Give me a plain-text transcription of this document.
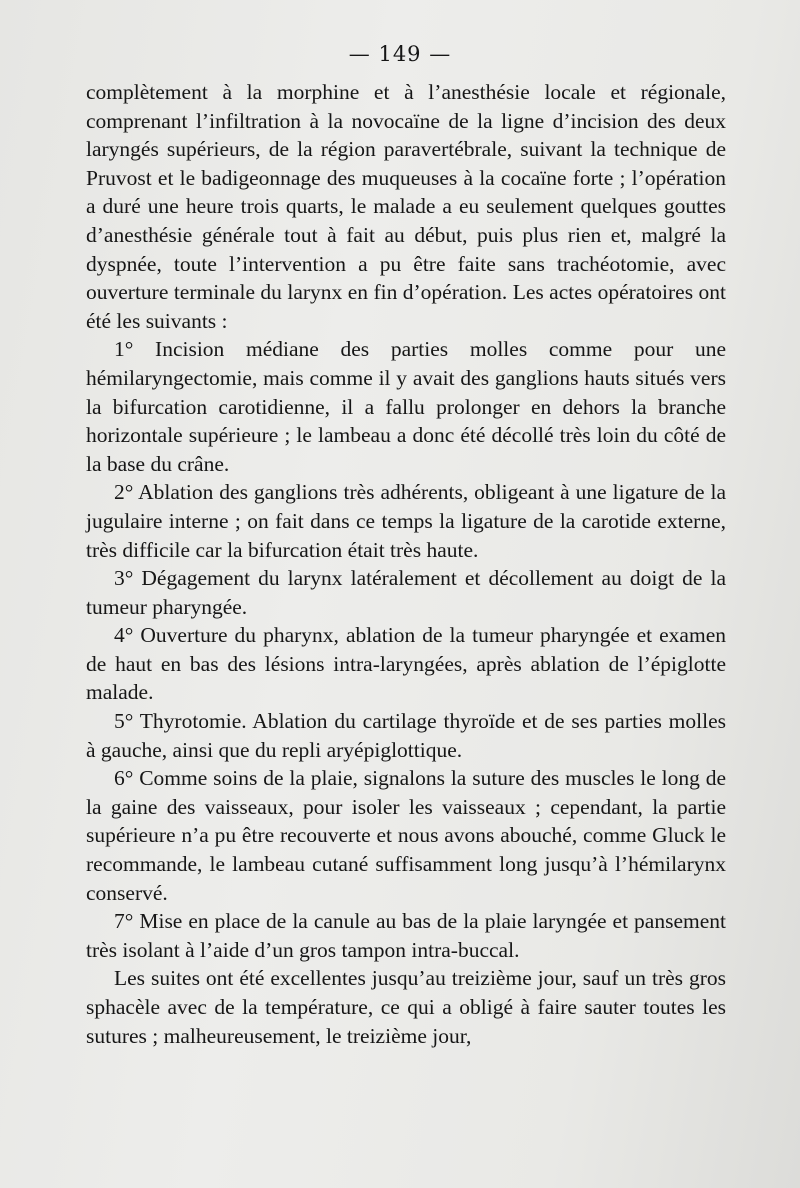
— 149 —

complètement à la morphine et à l’anesthésie locale et régionale, comprenant l’infiltration à la novocaïne de la ligne d’incision des deux laryngés supérieurs, de la région paravertébrale, suivant la technique de Pruvost et le badigeonnage des muqueuses à la cocaïne forte ; l’opération a duré une heure trois quarts, le malade a eu seulement quelques gouttes d’anesthésie générale tout à fait au début, puis plus rien et, malgré la dyspnée, toute l’intervention a pu être faite sans trachéotomie, avec ouverture terminale du larynx en fin d’opération. Les actes opératoires ont été les suivants :

1° Incision médiane des parties molles comme pour une hémilaryngectomie, mais comme il y avait des ganglions hauts situés vers la bifurcation carotidienne, il a fallu prolonger en dehors la branche horizontale supérieure ; le lambeau a donc été décollé très loin du côté de la base du crâne.

2° Ablation des ganglions très adhérents, obligeant à une ligature de la jugulaire interne ; on fait dans ce temps la ligature de la carotide externe, très difficile car la bifurcation était très haute.

3° Dégagement du larynx latéralement et décollement au doigt de la tumeur pharyngée.

4° Ouverture du pharynx, ablation de la tumeur pharyngée et examen de haut en bas des lésions intra-laryngées, après ablation de l’épiglotte malade.

5° Thyrotomie. Ablation du cartilage thyroïde et de ses parties molles à gauche, ainsi que du repli aryépiglottique.

6° Comme soins de la plaie, signalons la suture des muscles le long de la gaine des vaisseaux, pour isoler les vaisseaux ; cependant, la partie supérieure n’a pu être recouverte et nous avons abouché, comme Gluck le recommande, le lambeau cutané suffisamment long jusqu’à l’hémilarynx conservé.

7° Mise en place de la canule au bas de la plaie laryngée et pansement très isolant à l’aide d’un gros tampon intra-buccal.

Les suites ont été excellentes jusqu’au treizième jour, sauf un très gros sphacèle avec de la température, ce qui a obligé à faire sauter toutes les sutures ; malheureusement, le treizième jour,
